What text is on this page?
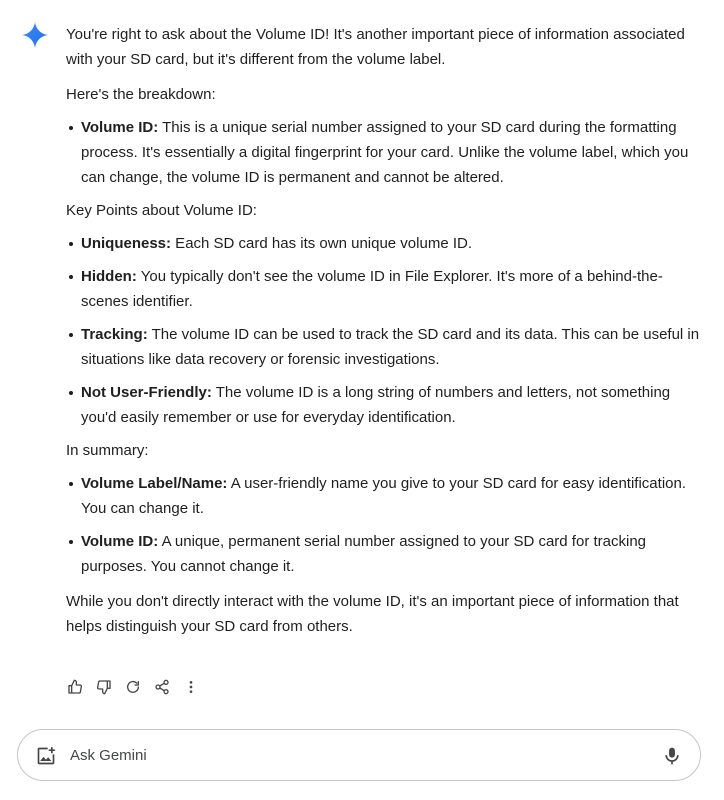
You're right to ask about the Volume ID! It's another important piece of information associated with your SD card, but it's different from the volume label.

Here's the breakdown:

Volume ID: This is a unique serial number assigned to your SD card during the formatting process. It's essentially a digital fingerprint for your card. Unlike the volume label, which you can change, the volume ID is permanent and cannot be altered.

Key Points about Volume ID:

Uniqueness: Each SD card has its own unique volume ID.
Hidden: You typically don't see the volume ID in File Explorer. It's more of a behind-the-scenes identifier.
Tracking: The volume ID can be used to track the SD card and its data. This can be useful in situations like data recovery or forensic investigations.
Not User-Friendly: The volume ID is a long string of numbers and letters, not something you'd easily remember or use for everyday identification.

In summary:

Volume Label/Name: A user-friendly name you give to your SD card for easy identification. You can change it.
Volume ID: A unique, permanent serial number assigned to your SD card for tracking purposes. You cannot change it.

While you don't directly interact with the volume ID, it's an important piece of information that helps distinguish your SD card from others.

Ask Gemini
